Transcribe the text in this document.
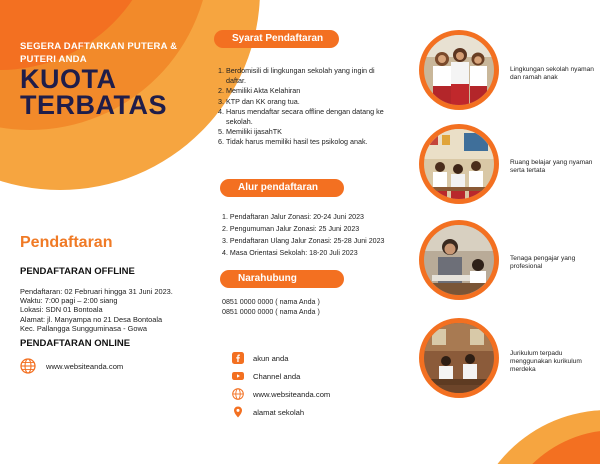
SEGERA DAFTARKAN PUTERA & PUTERI ANDA
KUOTA
TERBATAS
Pendaftaran
PENDAFTARAN OFFLINE
Pendaftaran: 02 Februari hingga 31 Juni 2023.
Waktu: 7:00 pagi – 2:00 siang
Lokasi: SDN 01 Bontoala
Alamat: jl. Manyampa no 21 Desa Bontoala
Kec. Pallangga Sungguminasa - Gowa
PENDAFTARAN ONLINE
www.websiteanda.com
Syarat Pendaftaran
1. Berdomisili di lingkungan sekolah yang ingin di daftar.
2. Memiliki Akta Kelahiran
3. KTP dan KK orang tua.
4. Harus mendaftar secara offline dengan datang ke sekolah.
5. Memiliki ijasahTK
6. Tidak harus memiliki hasil tes psikolog anak.
Alur pendaftaran
1. Pendaftaran Jalur Zonasi: 20-24 Juni 2023
2. Pengumuman Jalur Zonasi: 25 Juni 2023
3. Pendaftaran Ulang Jalur Zonasi: 25-28 Juni 2023
4. Masa Orientasi Sekolah: 18-20 Juli 2023
Narahubung
0851 0000 0000 ( nama Anda )
0851 0000 0000 ( nama Anda )
akun anda
Channel anda
www.websiteanda.com
alamat sekolah
Lingkungan sekolah nyaman dan ramah anak
Ruang belajar yang nyaman serta tertata
Tenaga pengajar yang profesional
Jurikulum terpadu menggunakan kurikulum merdeka
